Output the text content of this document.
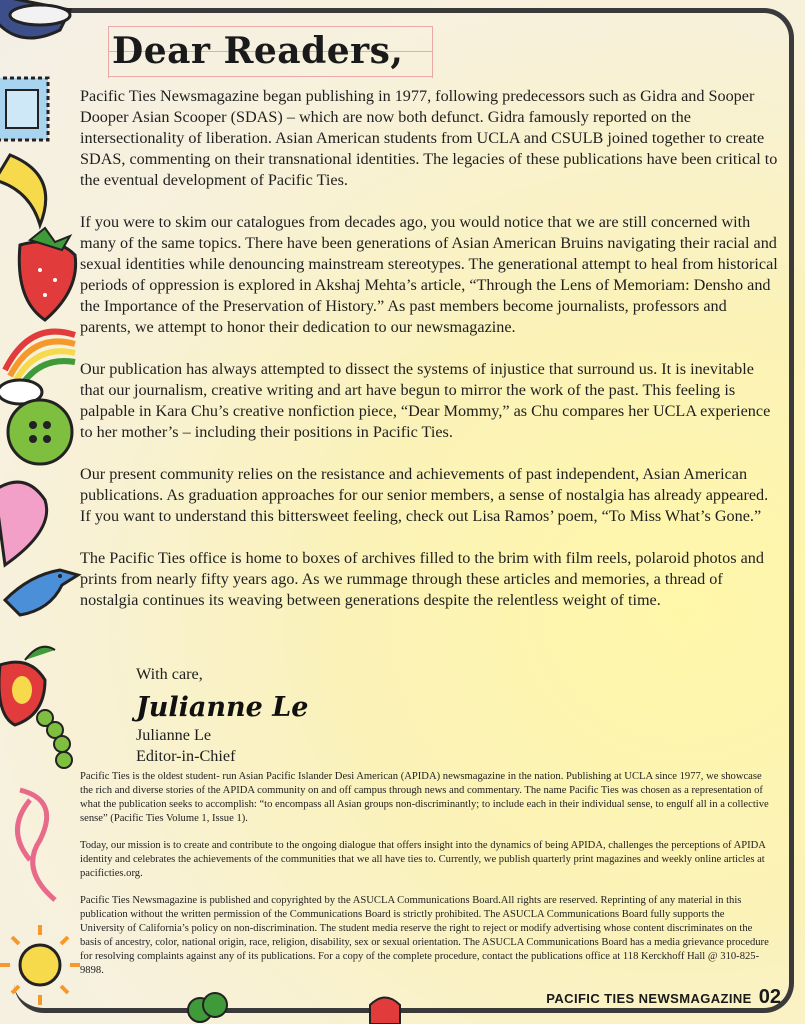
Dear Readers,

Pacific Ties Newsmagazine began publishing in 1977, following predecessors such as Gidra and Sooper Dooper Asian Scooper (SDAS) – which are now both defunct. Gidra famously reported on the intersectionality of liberation. Asian American students from UCLA and CSULB joined together to create SDAS, commenting on their transnational identities. The legacies of these publications have been critical to the eventual development of Pacific Ties.

If you were to skim our catalogues from decades ago, you would notice that we are still concerned with many of the same topics. There have been generations of Asian American Bruins navigating their racial and sexual identities while denouncing mainstream stereotypes. The generational attempt to heal from historical periods of oppression is explored in Akshaj Mehta’s article, “Through the Lens of Memoriam: Densho and the Importance of the Preservation of History.” As past members become journalists, professors and parents, we attempt to honor their dedication to our newsmagazine.

Our publication has always attempted to dissect the systems of injustice that surround us. It is inevitable that our journalism, creative writing and art have begun to mirror the work of the past. This feeling is palpable in Kara Chu’s creative nonfiction piece, “Dear Mommy,” as Chu compares her UCLA experience to her mother’s – including their positions in Pacific Ties.

Our present community relies on the resistance and achievements of past independent, Asian American publications. As graduation approaches for our senior members, a sense of nostalgia has already appeared. If you want to understand this bittersweet feeling, check out Lisa Ramos’ poem, “To Miss What’s Gone.”

The Pacific Ties office is home to boxes of archives filled to the brim with film reels, polaroid photos and prints from nearly fifty years ago. As we rummage through these articles and memories, a thread of nostalgia continues its weaving between generations despite the relentless weight of time.

With care,
Julianne Le
Julianne Le
Editor-in-Chief

Pacific Ties is the oldest student- run Asian Pacific Islander Desi American (APIDA) newsmagazine in the nation. Publishing at UCLA since 1977, we showcase the rich and diverse stories of the APIDA community on and off campus through news and commentary. The name Pacific Ties was chosen as a representation of what the publication seeks to accomplish: “to encompass all Asian groups non-discriminantly; to include each in their individual sense, to engulf all in a collective sense” (Pacific Ties Volume 1, Issue 1).

Today, our mission is to create and contribute to the ongoing dialogue that offers insight into the dynamics of being APIDA, challenges the perceptions of APIDA identity and celebrates the achievements of the communities that we all have ties to. Currently, we publish quarterly print magazines and weekly online articles at pacificties.org.

Pacific Ties Newsmagazine is published and copyrighted by the ASUCLA Communications Board.All rights are reserved. Reprinting of any material in this publication without the written permission of the Communications Board is strictly prohibited. The ASUCLA Communications Board fully supports the University of California’s policy on non-discrimination. The student media reserve the right to reject or modify advertising whose content discriminates on the basis of ancestry, color, national origin, race, religion, disability, sex or sexual orientation. The ASUCLA Communications Board has a media grievance procedure for resolving complaints against any of its publications. For a copy of the complete procedure, contact the publications office at 118 Kerckhoff Hall @ 310-825-9898.

PACIFIC TIES NEWSMAGAZINE 02
